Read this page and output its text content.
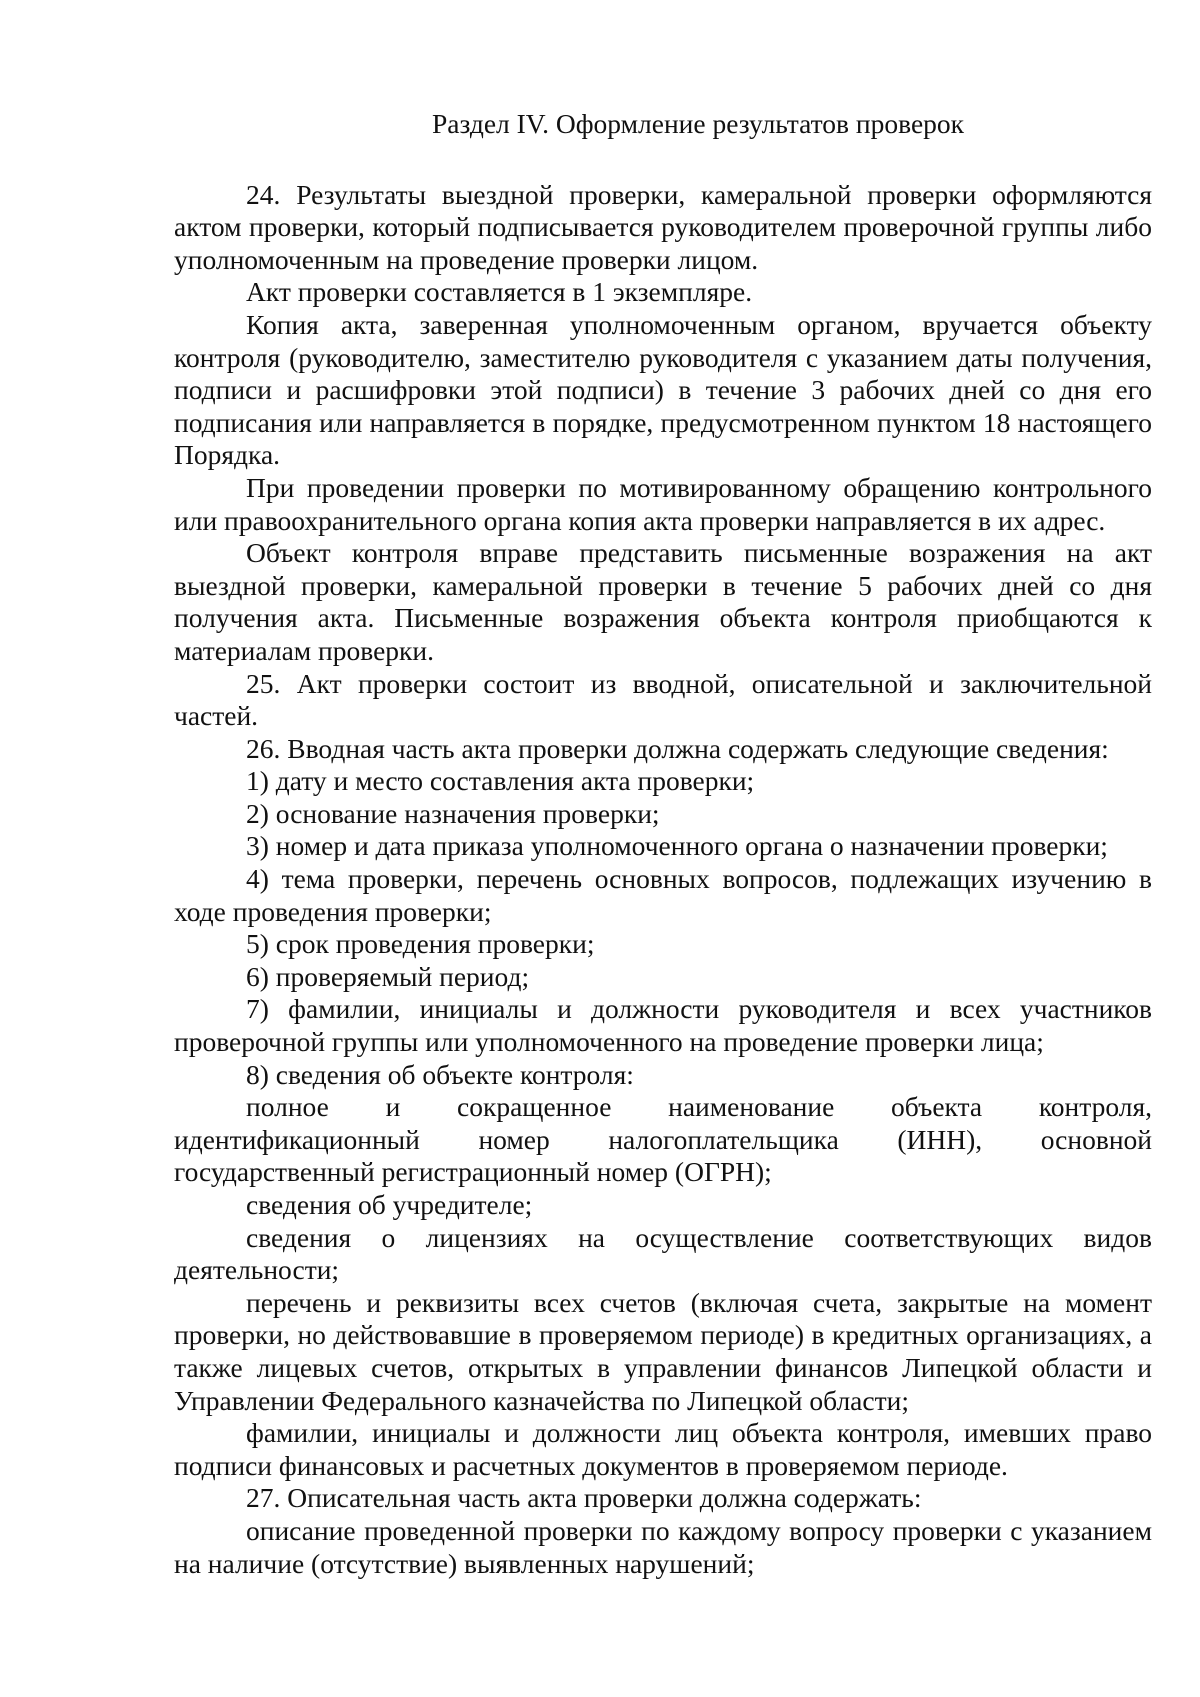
Раздел IV. Оформление результатов проверок

24. Результаты выездной проверки, камеральной проверки оформляются актом проверки, который подписывается руководителем проверочной группы либо уполномоченным на проведение проверки лицом.

Акт проверки составляется в 1 экземпляре.

Копия акта, заверенная уполномоченным органом, вручается объекту контроля (руководителю, заместителю руководителя с указанием даты получения, подписи и расшифровки этой подписи) в течение 3 рабочих дней со дня его подписания или направляется в порядке, предусмотренном пунктом 18 настоящего Порядка.

При проведении проверки по мотивированному обращению контрольного или правоохранительного органа копия акта проверки направляется в их адрес.

Объект контроля вправе представить письменные возражения на акт выездной проверки, камеральной проверки в течение 5 рабочих дней со дня получения акта. Письменные возражения объекта контроля приобщаются к материалам проверки.

25. Акт проверки состоит из вводной, описательной и заключительной частей.

26. Вводная часть акта проверки должна содержать следующие сведения:

1) дату и место составления акта проверки;

2) основание назначения проверки;

3) номер и дата приказа уполномоченного органа о назначении проверки;

4) тема проверки, перечень основных вопросов, подлежащих изучению в ходе проведения проверки;

5) срок проведения проверки;

6) проверяемый период;

7) фамилии, инициалы и должности руководителя и всех участников проверочной группы или уполномоченного на проведение проверки лица;

8) сведения об объекте контроля:

полное и сокращенное наименование объекта контроля, идентификационный номер налогоплательщика (ИНН), основной государственный регистрационный номер (ОГРН);

сведения об учредителе;

сведения о лицензиях на осуществление соответствующих видов деятельности;

перечень и реквизиты всех счетов (включая счета, закрытые на момент проверки, но действовавшие в проверяемом периоде) в кредитных организациях, а также лицевых счетов, открытых в управлении финансов Липецкой области и Управлении Федерального казначейства по Липецкой области;

фамилии, инициалы и должности лиц объекта контроля, имевших право подписи финансовых и расчетных документов в проверяемом периоде.

27. Описательная часть акта проверки должна содержать:

описание проведенной проверки по каждому вопросу проверки с указанием на наличие (отсутствие) выявленных нарушений;
